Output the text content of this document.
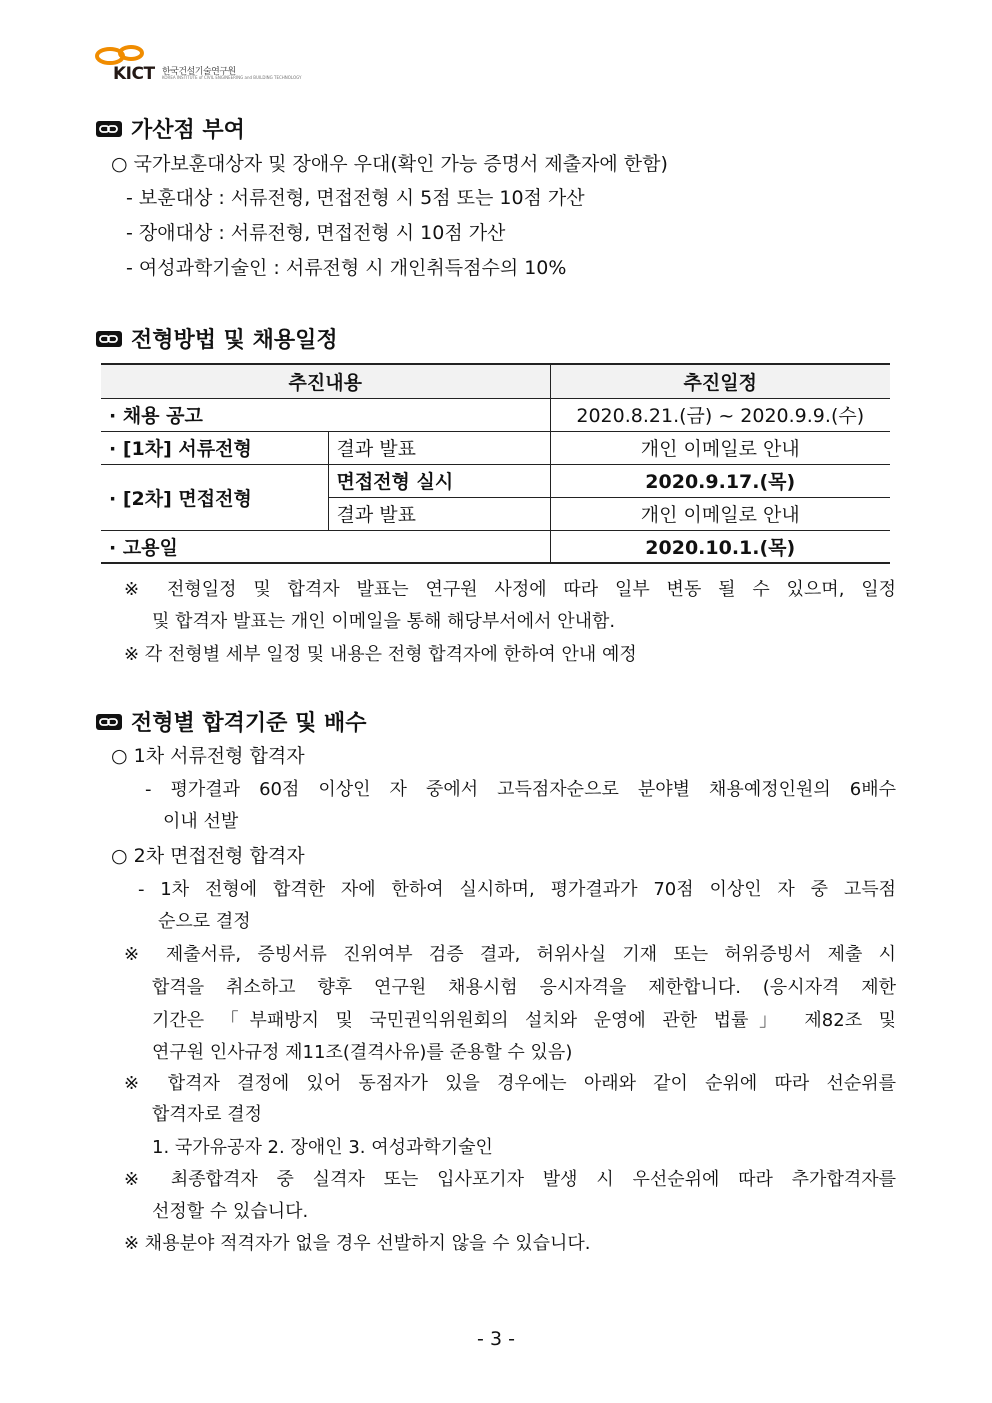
KICT 한국건설기술연구원
KOREA INSTITUTE of CIVIL ENGINEERING and BUILDING TECHNOLOGY
가산점 부여
○ 국가보훈대상자 및 장애우 우대(확인 가능 증명서 제출자에 한함)
- 보훈대상 : 서류전형, 면접전형 시 5점 또는 10점 가산
- 장애대상 : 서류전형, 면접전형 시 10점 가산
- 여성과학기술인 : 서류전형 시 개인취득점수의 10%
전형방법 및 채용일정
추진내용		추진일정
· 채용 공고		2020.8.21.(금) ~ 2020.9.9.(수)
· [1차] 서류전형	결과 발표	개인 이메일로 안내
· [2차] 면접전형	면접전형 실시	2020.9.17.(목)
	결과 발표	개인 이메일로 안내
· 고용일		2020.10.1.(목)
※ 전형일정 및 합격자 발표는 연구원 사정에 따라 일부 변동 될 수 있으며, 일정
및 합격자 발표는 개인 이메일을 통해 해당부서에서 안내함.
※ 각 전형별 세부 일정 및 내용은 전형 합격자에 한하여 안내 예정
전형별 합격기준 및 배수
○ 1차 서류전형 합격자
- 평가결과 60점 이상인 자 중에서 고득점자순으로 분야별 채용예정인원의 6배수
이내 선발
○ 2차 면접전형 합격자
- 1차 전형에 합격한 자에 한하여 실시하며, 평가결과가 70점 이상인 자 중 고득점
순으로 결정
※ 제출서류, 증빙서류 진위여부 검증 결과, 허위사실 기재 또는 허위증빙서 제출 시
합격을 취소하고 향후 연구원 채용시험 응시자격을 제한합니다. (응시자격 제한
기간은 「부패방지 및 국민권익위원회의 설치와 운영에 관한 법률」 제82조 및
연구원 인사규정 제11조(결격사유)를 준용할 수 있음)
※ 합격자 결정에 있어 동점자가 있을 경우에는 아래와 같이 순위에 따라 선순위를
합격자로 결정
1. 국가유공자 2. 장애인 3. 여성과학기술인
※ 최종합격자 중 실격자 또는 입사포기자 발생 시 우선순위에 따라 추가합격자를
선정할 수 있습니다.
※ 채용분야 적격자가 없을 경우 선발하지 않을 수 있습니다.
- 3 -
